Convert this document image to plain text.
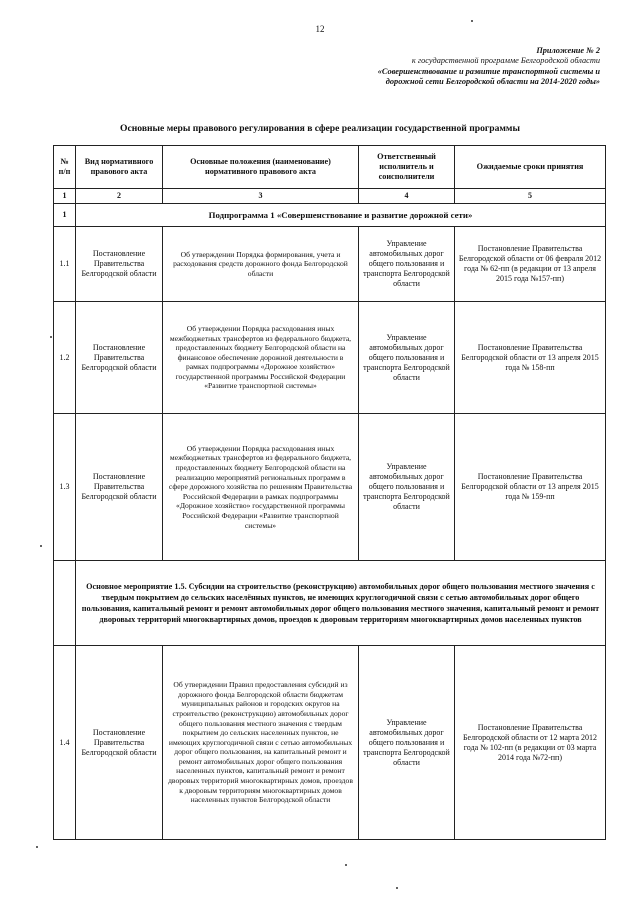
12
Приложение № 2
к государственной программе Белгородской области
«Совершенствование и развитие транспортной системы и
дорожной сети Белгородской области на 2014-2020 годы»
Основные меры правового регулирования в сфере реализации государственной программы
№ п/п	Вид нормативного правового акта	Основные положения (наименование) нормативного правового акта	Ответственный исполнитель и соисполнители	Ожидаемые сроки принятия
1	2	3	4	5
1	Подпрограмма 1 «Совершенствование и развитие дорожной сети»			
1.1	Постановление Правительства Белгородской области	Об утверждении Порядка формирования, учета и расходования средств дорожного фонда Белгородской области	Управление автомобильных дорог общего пользования и транспорта Белгородской области	Постановление Правительства Белгородской области от 06 февраля 2012 года № 62-пп (в редакции от 13 апреля 2015 года №157-пп)
1.2	Постановление Правительства Белгородской области	Об утверждении Порядка расходования иных межбюджетных трансфертов из федерального бюджета, предоставленных бюджету Белгородской области на финансовое обеспечение дорожной деятельности в рамках подпрограммы «Дорожное хозяйство» государственной программы Российской Федерации «Развитие транспортной системы»	Управление автомобильных дорог общего пользования и транспорта Белгородской области	Постановление Правительства Белгородской области от 13 апреля 2015 года № 158-пп
1.3	Постановление Правительства Белгородской области	Об утверждении Порядка расходования иных межбюджетных трансфертов из федерального бюджета, предоставленных бюджету Белгородской области на реализацию мероприятий региональных программ в сфере дорожного хозяйства по решениям Правительства Российской Федерации в рамках подпрограммы «Дорожное хозяйство» государственной программы Российской Федерации «Развитие транспортной системы»	Управление автомобильных дорог общего пользования и транспорта Белгородской области	Постановление Правительства Белгородской области от 13 апреля 2015 года № 159-пп
	Основное мероприятие 1.5. Субсидии на строительство (реконструкцию) автомобильных дорог общего пользования местного значения с твердым покрытием до сельских населённых пунктов, не имеющих круглогодичной связи с сетью автомобильных дорог общего пользования, капитальный ремонт и ремонт автомобильных дорог общего пользования местного значения, капитальный ремонт и ремонт дворовых территорий многоквартирных домов, проездов к дворовым территориям многоквартирных домов населенных пунктов			
1.4	Постановление Правительства Белгородской области	Об утверждении Правил предоставления субсидий из дорожного фонда Белгородской области бюджетам муниципальных районов и городских округов на строительство (реконструкцию) автомобильных дорог общего пользования местного значения с твердым покрытием до сельских населенных пунктов, не имеющих круглогодичной связи с сетью автомобильных дорог общего пользования, на капитальный ремонт и ремонт автомобильных дорог общего пользования населенных пунктов, капитальный ремонт и ремонт дворовых территорий многоквартирных домов, проездов к дворовым территориям многоквартирных домов населенных пунктов Белгородской области	Управление автомобильных дорог общего пользования и транспорта Белгородской области	Постановление Правительства Белгородской области от 12 марта 2012 года № 102-пп (в редакции от 03 марта 2014 года №72-пп)
